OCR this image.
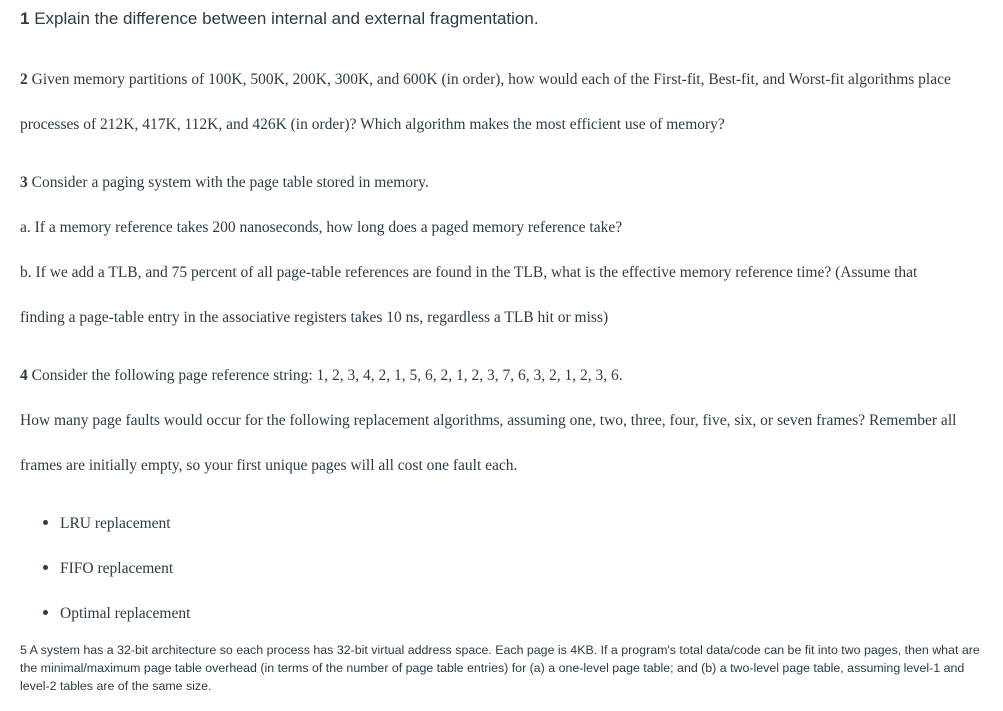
1 Explain the difference between internal and external fragmentation.
2 Given memory partitions of 100K, 500K, 200K, 300K, and 600K (in order), how would each of the First-fit, Best-fit, and Worst-fit algorithms place
processes of 212K, 417K, 112K, and 426K (in order)? Which algorithm makes the most efficient use of memory?
3 Consider a paging system with the page table stored in memory.
a. If a memory reference takes 200 nanoseconds, how long does a paged memory reference take?
b. If we add a TLB, and 75 percent of all page-table references are found in the TLB, what is the effective memory reference time? (Assume that
finding a page-table entry in the associative registers takes 10 ns, regardless a TLB hit or miss)
4 Consider the following page reference string: 1, 2, 3, 4, 2, 1, 5, 6, 2, 1, 2, 3, 7, 6, 3, 2, 1, 2, 3, 6.
How many page faults would occur for the following replacement algorithms, assuming one, two, three, four, five, six, or seven frames? Remember all
frames are initially empty, so your first unique pages will all cost one fault each.
LRU replacement
FIFO replacement
Optimal replacement
5 A system has a 32-bit architecture so each process has 32-bit virtual address space. Each page is 4KB. If a program's total data/code can be fit into two pages, then what are the minimal/maximum page table overhead (in terms of the number of page table entries) for (a) a one-level page table; and (b) a two-level page table, assuming level-1 and level-2 tables are of the same size.
